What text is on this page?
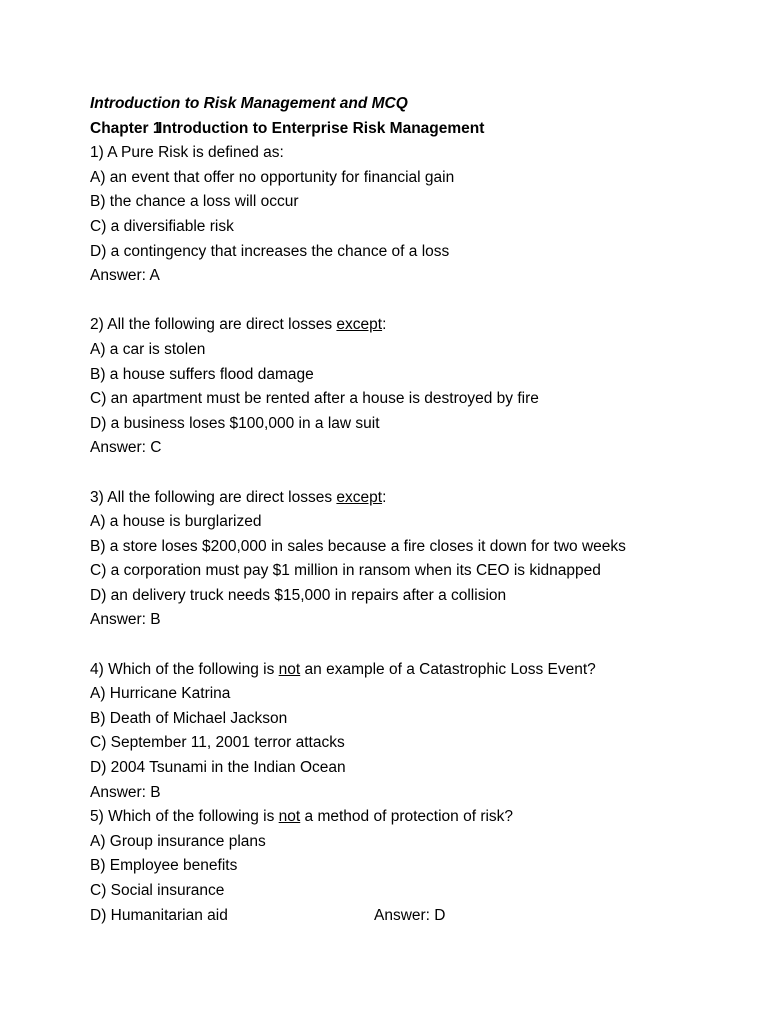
Introduction to Risk Management and MCQ
Chapter 1Introduction to Enterprise Risk Management
1) A Pure Risk is defined as:
A) an event that offer no opportunity for financial gain
B) the chance a loss will occur
C) a diversifiable risk
D) a contingency that increases the chance of a loss
Answer: A
2) All the following are direct losses except:
A) a car is stolen
B) a house suffers flood damage
C) an apartment must be rented after a house is destroyed by fire
D) a business loses $100,000 in a law suit
Answer: C
3) All the following are direct losses except:
A) a house is burglarized
B) a store loses $200,000 in sales because a fire closes it down for two weeks
C) a corporation must pay $1 million in ransom when its CEO is kidnapped
D) an delivery truck needs $15,000 in repairs after a collision
Answer: B
4) Which of the following is not an example of a Catastrophic Loss Event?
A) Hurricane Katrina
B) Death of Michael Jackson
C) September 11, 2001 terror attacks
D) 2004 Tsunami in the Indian Ocean
Answer: B
5) Which of the following is not a method of protection of risk?
A) Group insurance plans
B) Employee benefits
C) Social insurance
D) Humanitarian aid	Answer: D
